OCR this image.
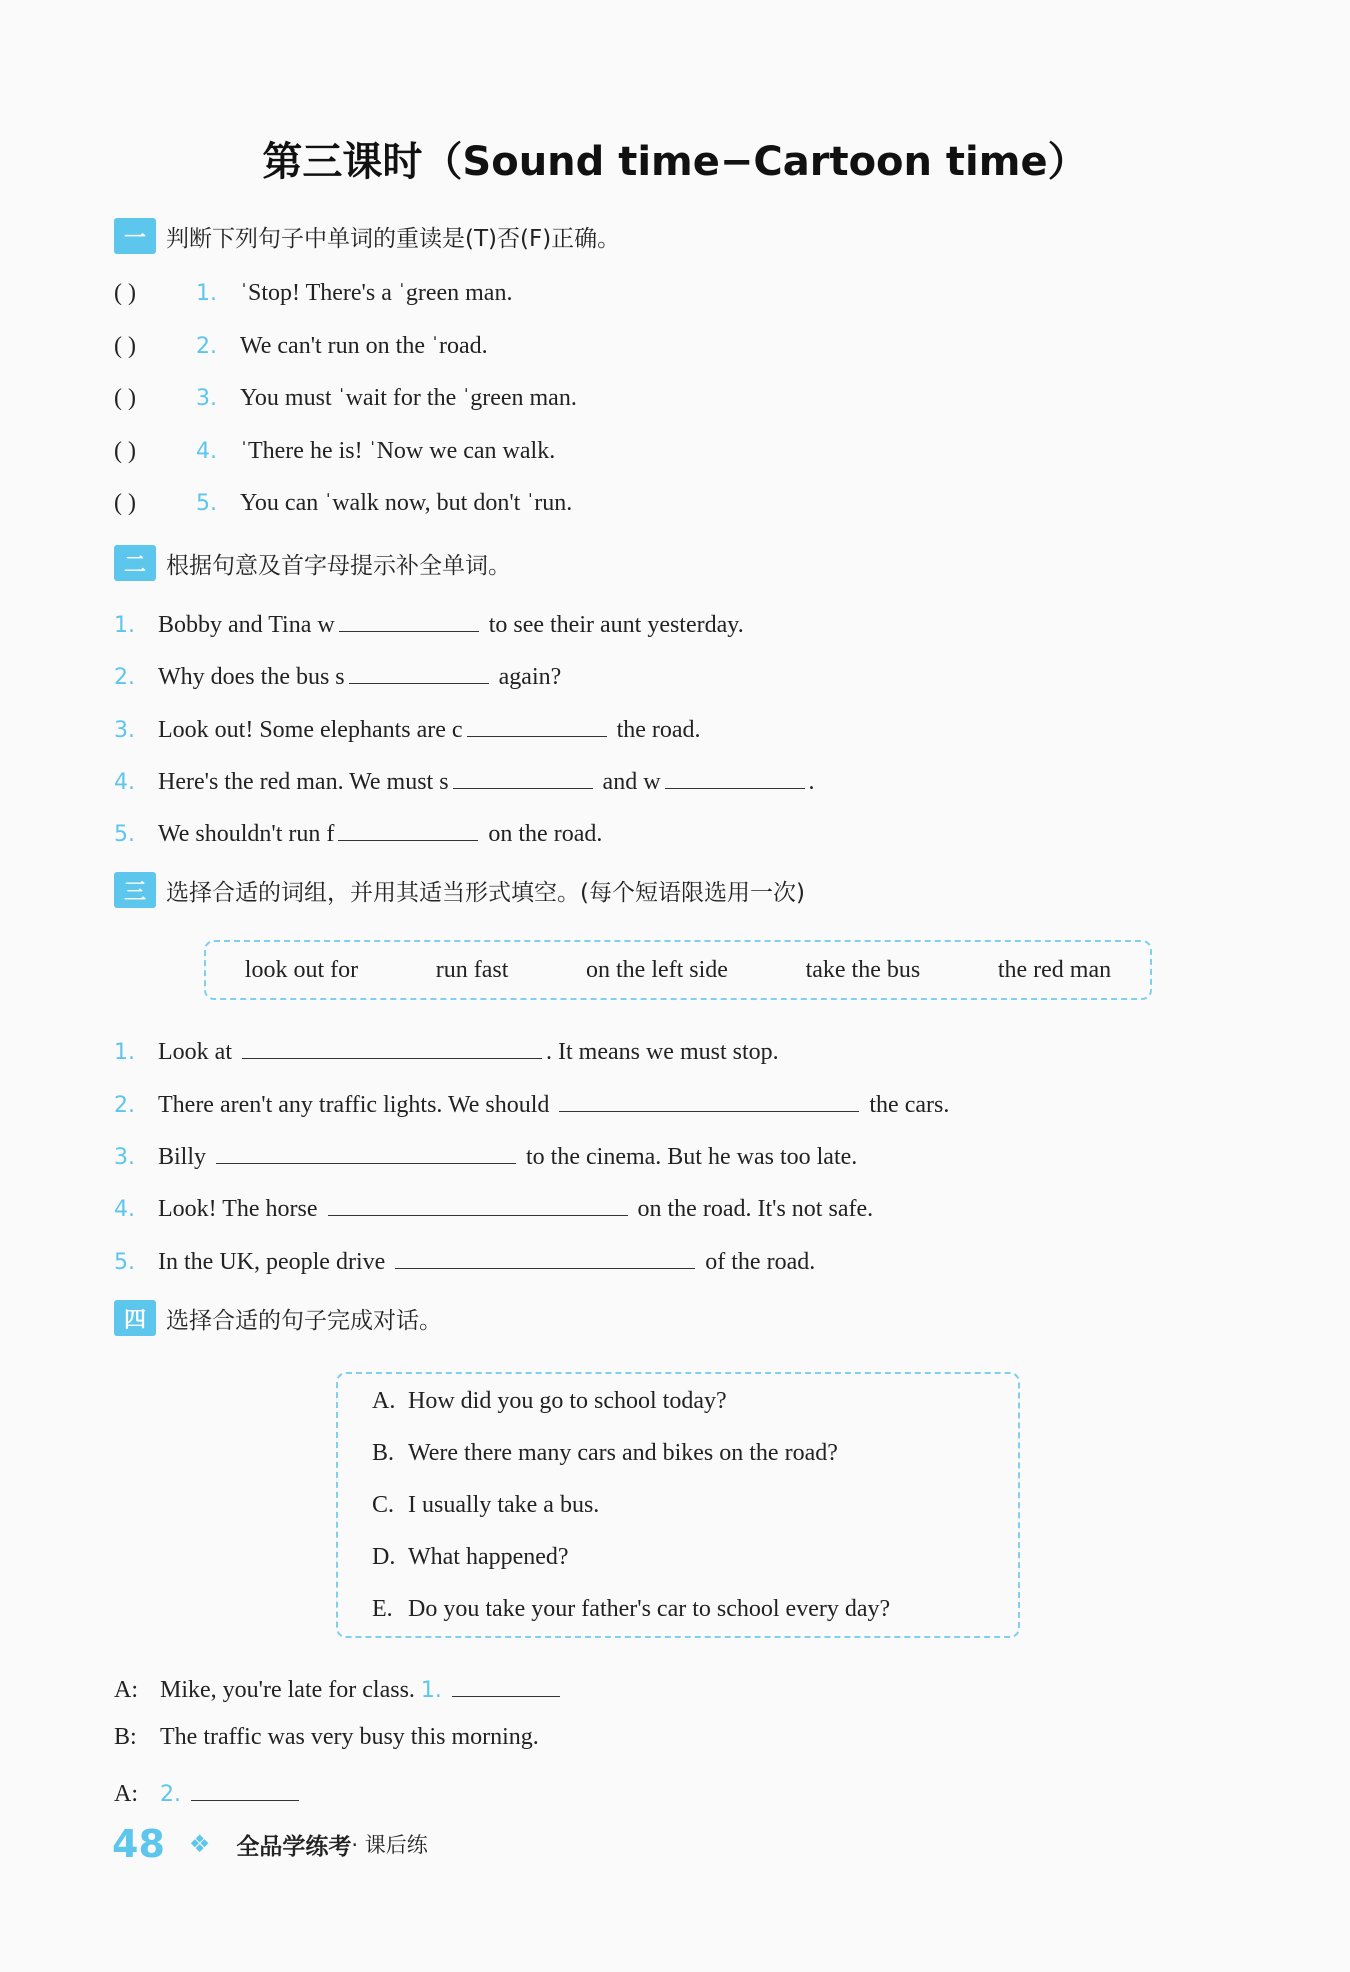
第三课时（Sound time−Cartoon time）
一 判断下列句子中单词的重读是(T)否(F)正确。
( )	1. ˈStop! There's a ˈgreen man.
( )	2. We can't run on the ˈroad.
( )	3. You must ˈwait for the ˈgreen man.
( )	4. ˈThere he is! ˈNow we can walk.
( )	5. You can ˈwalk now, but don't ˈrun.
二 根据句意及首字母提示补全单词。
1. Bobby and Tina w	to see their aunt yesterday.
2. Why does the bus s	again?
3. Look out! Some elephants are c	the road.
4. Here's the red man. We must s	and w	.
5. We shouldn't run f	on the road.
三 选择合适的词组，并用其适当形式填空。(每个短语限选用一次)
look out for	run fast	on the left side	take the bus	the red man
1. Look at	. It means we must stop.
2. There aren't any traffic lights. We should	the cars.
3. Billy	to the cinema. But he was too late.
4. Look! The horse	on the road. It's not safe.
5. In the UK, people drive	of the road.
四 选择合适的句子完成对话。
A. How did you go to school today?
B. Were there many cars and bikes on the road?
C. I usually take a bus.
D. What happened?
E. Do you take your father's car to school every day?
A: Mike, you're late for class. 1.
B: The traffic was very busy this morning.
A: 2.
48 ❖ 全品学练考 · 课后练
